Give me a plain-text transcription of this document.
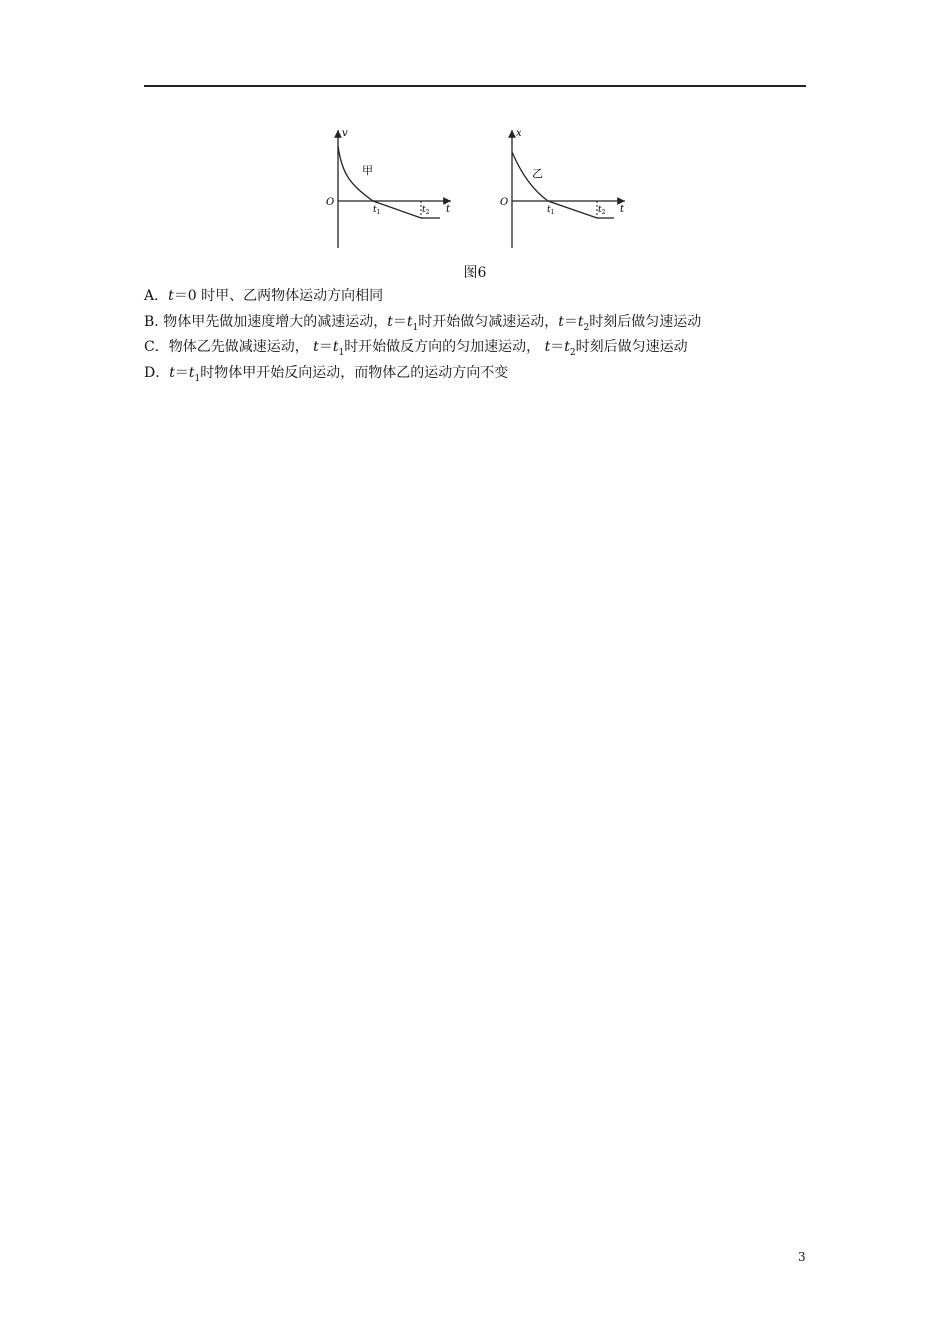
v
t
O
甲
$t_1$	$t_2$
x
t
O
乙
$t_1$	$t_2$
图6
A．t＝0 时甲、乙两物体运动方向相同
B. 物体甲先做加速度增大的减速运动，$t=t_1$时开始做匀减速运动，$t=t_2$时刻后做匀速运动
C．物体乙先做减速运动， $t=t_1$时开始做反方向的匀加速运动， $t=t_2$时刻后做匀速运动
D．$t=t_1$时物体甲开始反向运动，而物体乙的运动方向不变
3
